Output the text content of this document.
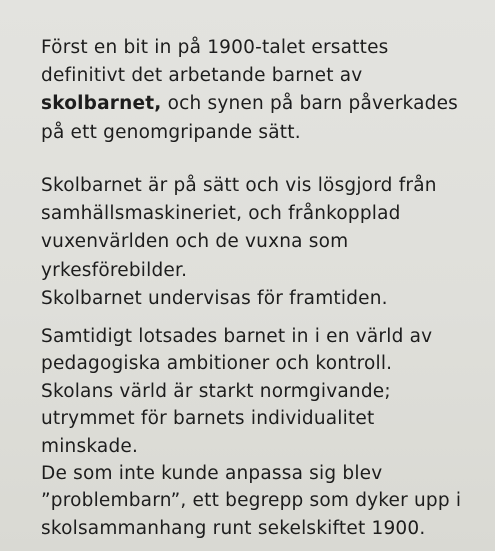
Först en bit in på 1900-talet ersattes
definitivt det arbetande barnet av
skolbarnet, och synen på barn påverkades
på ett genomgripande sätt.

Skolbarnet är på sätt och vis lösgjord från
samhällsmaskineriet, och frånkopplad
vuxenvärlden och de vuxna som
yrkesförebilder.
Skolbarnet undervisas för framtiden.

Samtidigt lotsades barnet in i en värld av
pedagogiska ambitioner och kontroll.
Skolans värld är starkt normgivande;
utrymmet för barnets individualitet
minskade.
De som inte kunde anpassa sig blev
”problembarn”, ett begrepp som dyker upp i
skolsammanhang runt sekelskiftet 1900.
